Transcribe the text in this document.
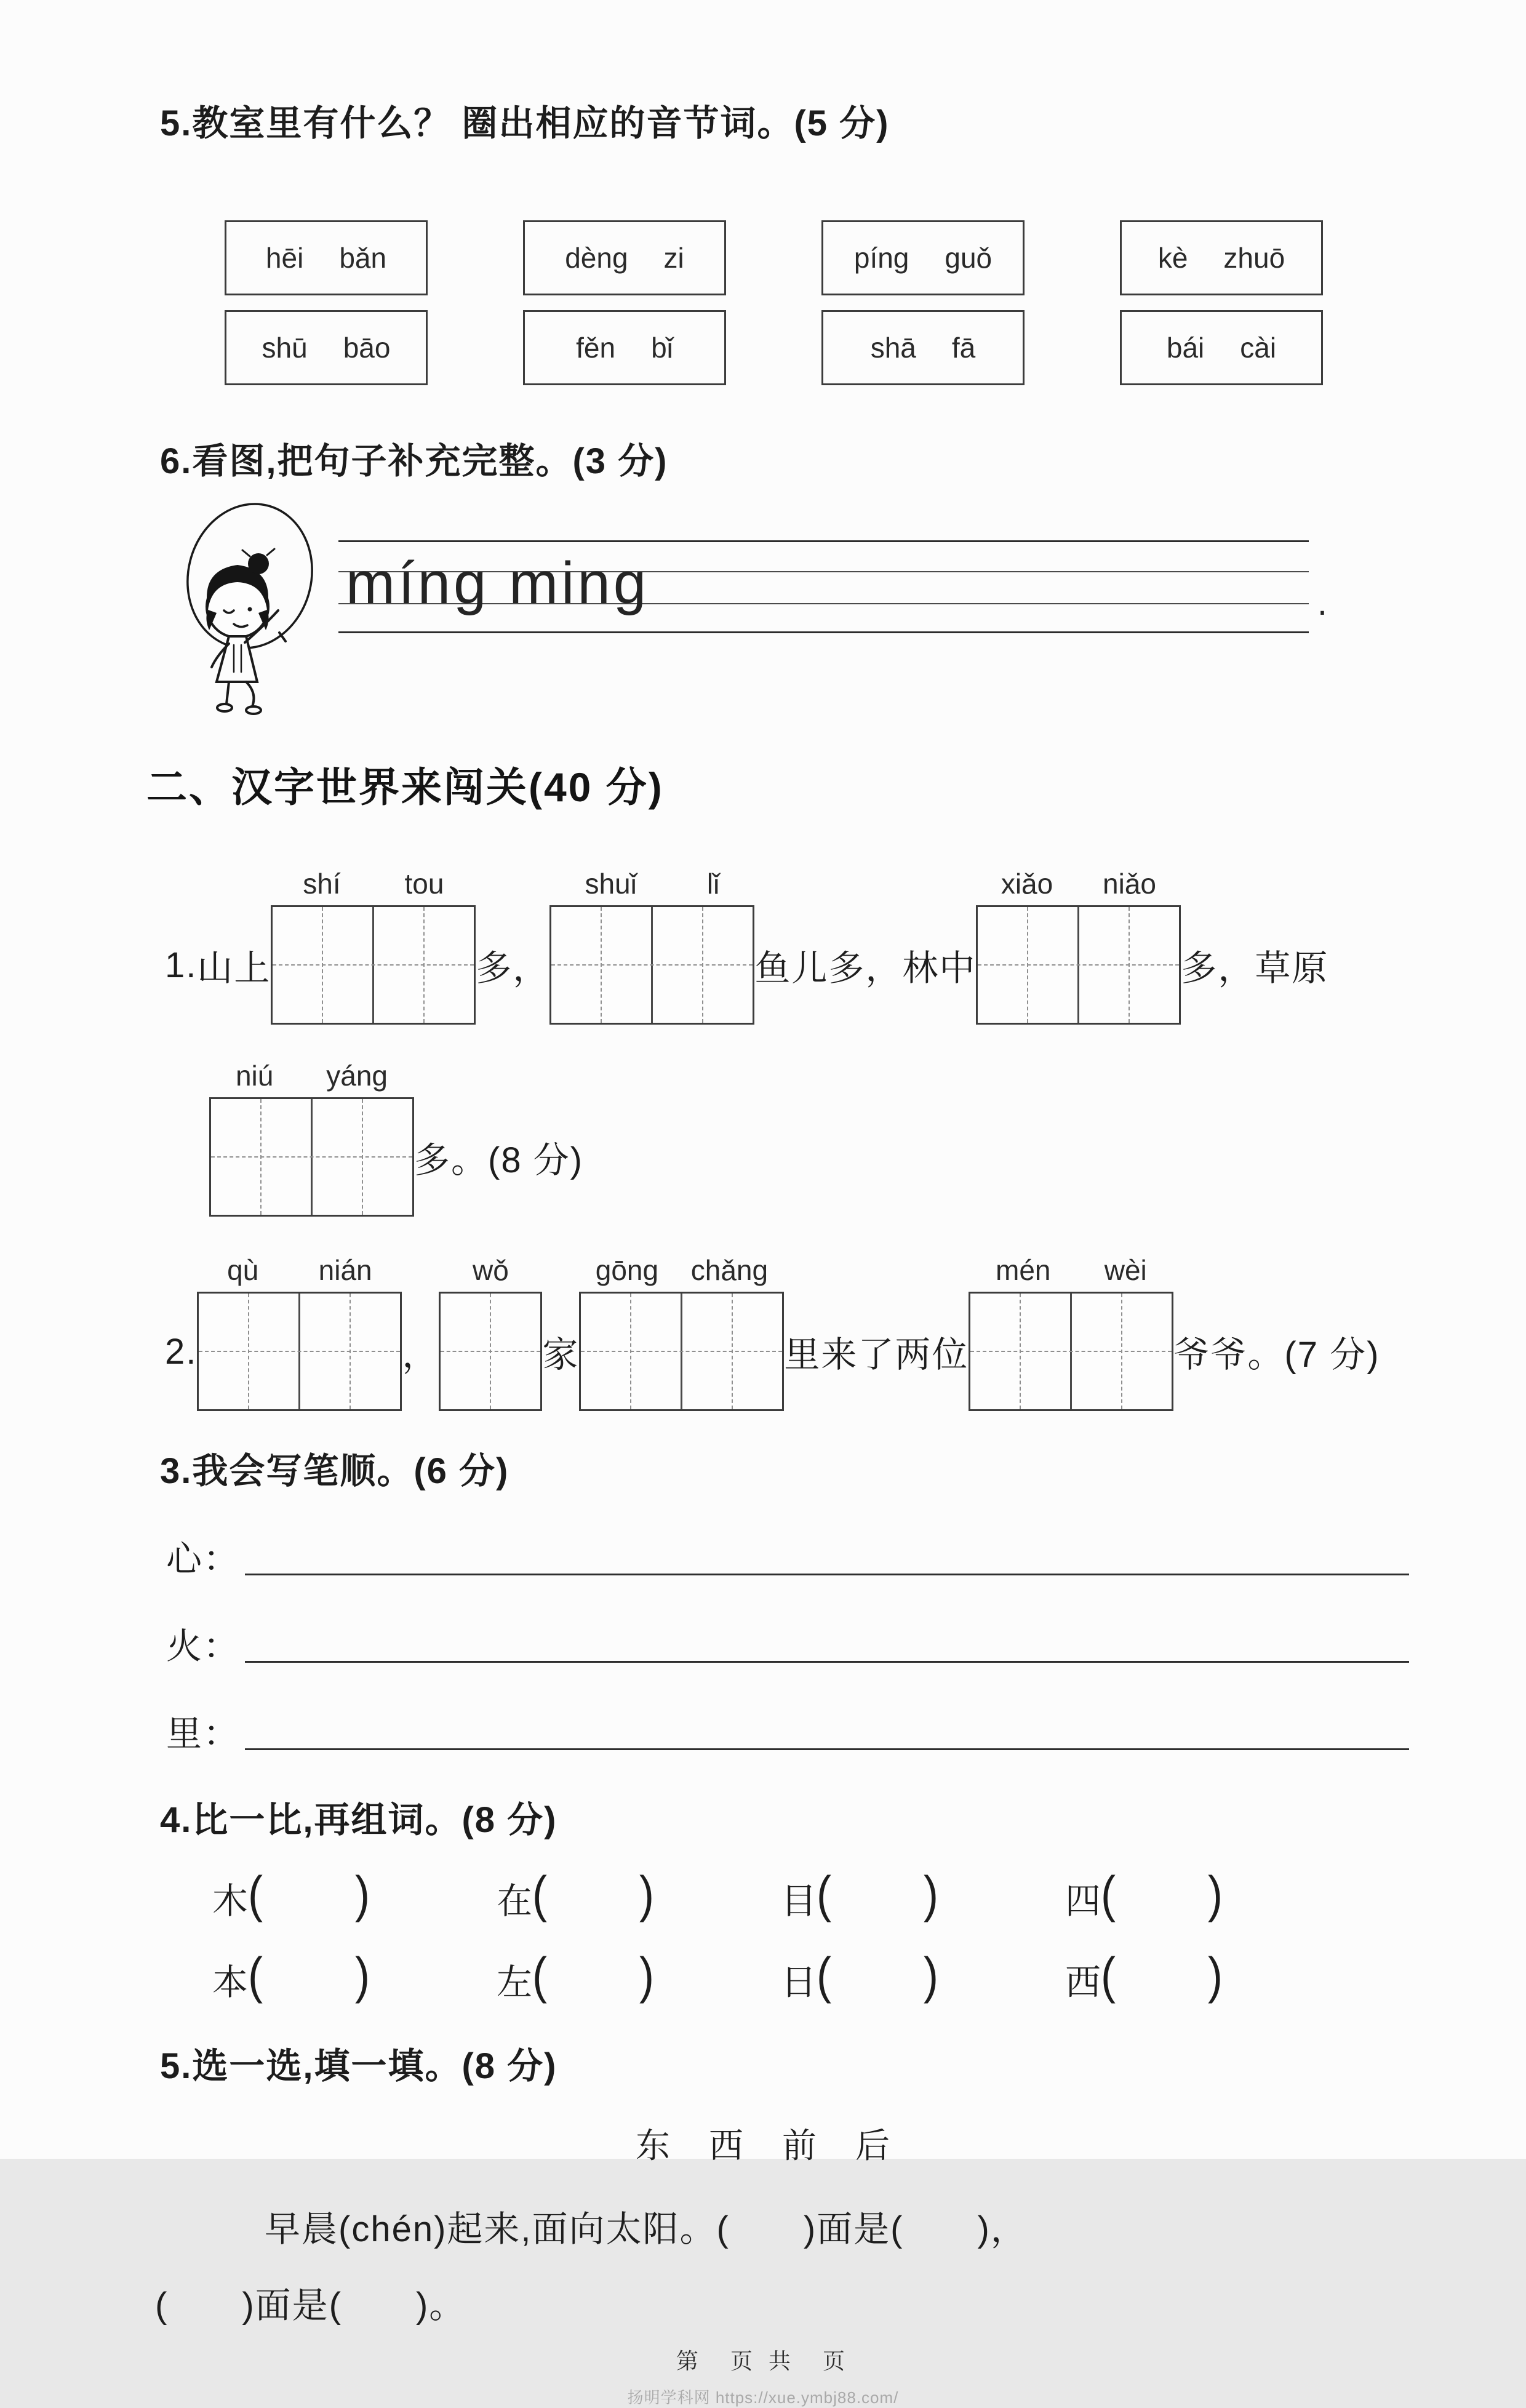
5.教室里有什么？ 圈出相应的音节词。(5 分)
hēi bǎn	dèng zi	píng guǒ	kè zhuō
shū bāo	fěn bǐ	shā fā	bái cài
6.看图,把句子补充完整。(3 分)
míng ming	.
二、汉字世界来闯关(40 分)
1. 山上
shí tou
多，
shuǐ lǐ
鱼儿多，林中
xiǎo niǎo
多，草原
niú yáng
多。(8 分)
2.
qù nián
，
wǒ
家
gōng chǎng
里来了两位
mén wèi
爷爷。(7 分)
3.我会写笔顺。(6 分)
心：
火：
里：
4.比一比,再组词。(8 分)
木 ( )	在 ( )	目 ( )	四 ( )
本 ( )	左 ( )	日 ( )	西 ( )
5.选一选,填一填。(8 分)
东 西 前 后
早晨(chén)起来,面向太阳。(  )面是(  )，
(  )面是(  )。
第　页 共　页
扬明学科网 https://xue.ymbj88.com/
